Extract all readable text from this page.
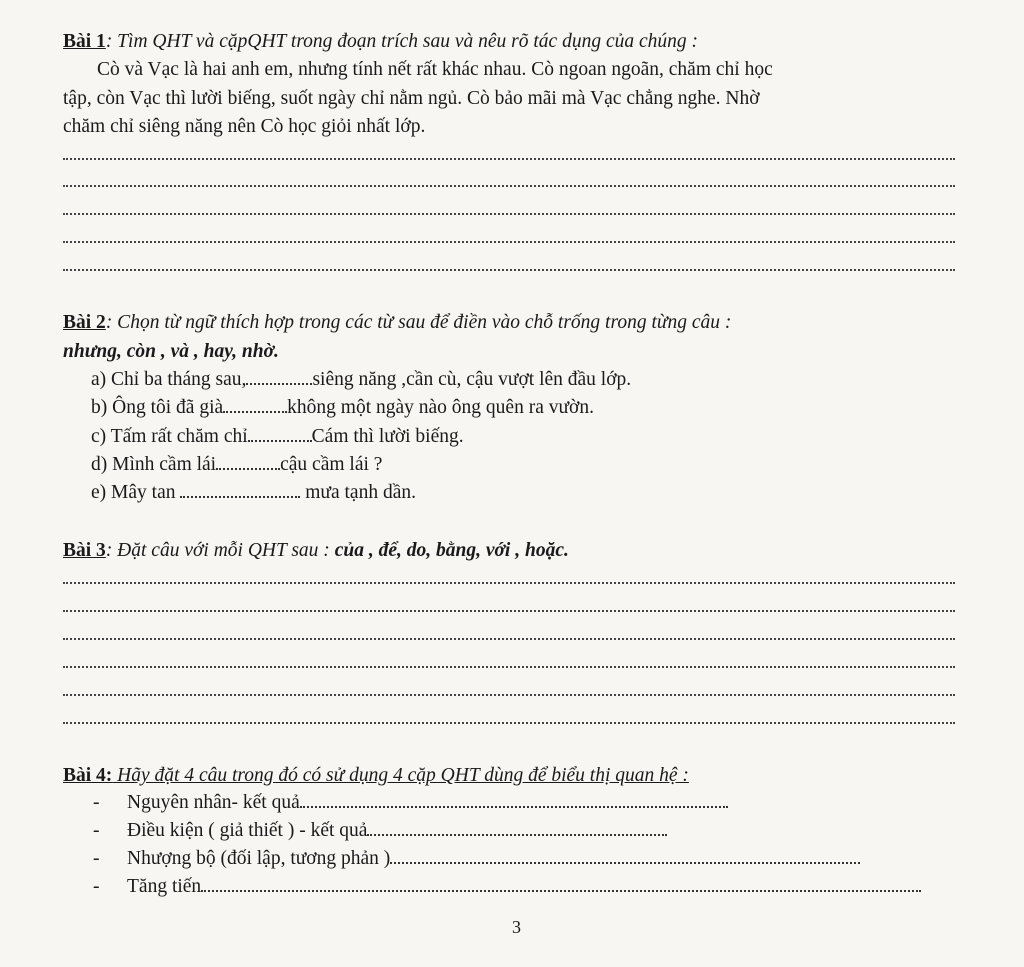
Bài 1: Tìm QHT và cặpQHT trong đoạn trích sau và nêu rõ tác dụng của chúng :
Cò và Vạc là hai anh em, nhưng tính nết rất khác nhau. Cò ngoan ngoãn, chăm chỉ học
tập, còn Vạc thì lười biếng, suốt ngày chỉ nằm ngủ. Cò bảo mãi mà Vạc chẳng nghe. Nhờ
chăm chỉ siêng năng nên Cò học giỏi nhất lớp.
Bài 2: Chọn từ ngữ thích hợp trong các từ sau để điền vào chỗ trống trong từng câu :
nhưng, còn , và , hay, nhờ.
a) Chỉ ba tháng sau,	siêng năng ,cần cù, cậu vượt lên đầu lớp.
b) Ông tôi đã già	không một ngày nào ông quên ra vườn.
c) Tấm rất chăm chỉ	Cám thì lười biếng.
d) Mình cầm lái	cậu cầm lái ?
e) Mây tan	mưa tạnh dần.
Bài 3: Đặt câu với mỗi QHT sau : của , để, do, bằng, với , hoặc.
Bài 4: Hãy đặt 4 câu trong đó có sử dụng 4 cặp QHT dùng để biểu thị quan hệ :
- Nguyên nhân- kết quả
- Điều kiện ( giả thiết ) - kết quả
- Nhượng bộ (đối lập, tương phản )
- Tăng tiến
3
